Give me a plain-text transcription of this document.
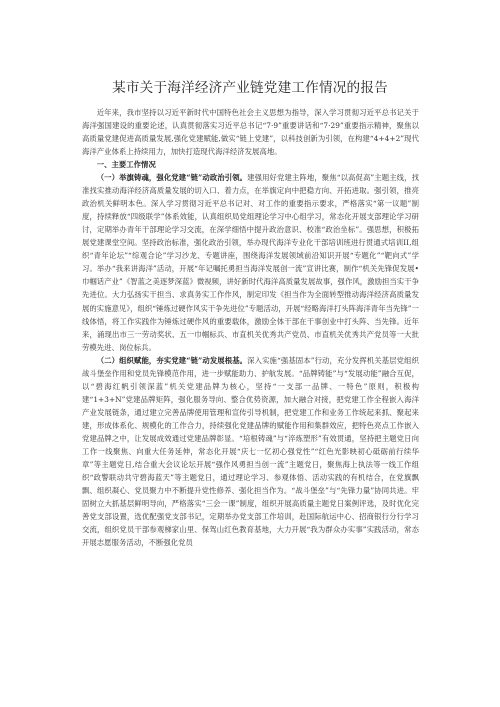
某市关于海洋经济产业链党建工作情况的报告

近年来，我市坚持以习近平新时代中国特色社会主义思想为指导，深入学习贯彻习近平总书记关于海洋强国建设的重要论述，认真贯彻落实习近平总书记“7·9”重要讲话和“7·29”重要指示精神，聚焦以高质量党建促进高质量发展,强化党建赋能,做实“链上党建”，以科技创新为引领，在构建“4+4+2”现代海洋产业体系上持续用力，加快打造现代海洋经济发展高地。

一、主要工作情况

（一）举旗铸魂，强化党建“链”动政治引领。建强用好党建主阵地，聚焦“以高促高”主题主线，找准找实推动海洋经济高质量发展的切入口、着力点，在举旗定向中把稳方向、开拓进取。强引领，推亮政治机关鲜明本色。深入学习贯彻习近平总书记对、对工作的重要指示要求，严格落实“第一议题”制度，持续释放“四级联学”体系效能，认真组织局党组理论学习中心组学习，常态化开展支部理论学习研讨，定期举办青年干部理论学习交流，在深学细悟中提升政治意识、校准“政治坐标”。强思想，积极拓展党建课堂空间。坚持政治标准，强化政治引领，举办现代海洋专业化干部培训班进行贯通式培训II,组织“青年论坛”“综观合论”学习沙龙、专题讲座，围绕海洋发展领域前沿知识开展“专题化”“靶向式”学习。举办“我来讲海洋”活动，开展“年记嘱托勇担当海洋发展创一流”宣讲比赛，制作“机关先锋促发展•巾帼话产业”《智蓝之美逐梦深蓝》微视频，讲好新时代海洋高质量发展故事，强作风，激励担当实干争先进位。大力弘扬实干担当、求真务实工作作风，制定印发《担当作为全面转型推动海洋经济高质量发展的实施意见》，组织“锤炼过硬作风实干争先进位”专题活动，开展“经略海洋打头阵海洋青年当先锋”一线体悟，将工作实践作为锤炼过硬作风的重要载体，激励全体干部在干事创业中打头阵、当先锋。近年来，涌现出市三一劳动奖状、五一巾帼标兵、市直机关优秀共产党员、市直机关优秀共产党员等一大批劳模先进、岗位标兵。

（二）组织赋能，夯实党建“链”动发展根基。深入实施“强基固本”行动，充分发挥机关基层党组织战斗堡垒作用和党员先锋模范作用，进一步赋能助力、护航发展。“品牌铸能”与“发展动能”融合互促，以“碧海红帆引领深蓝”机关党建品牌为核心，坚持“一支部一品牌、一特色”原则，积极构建“1+3+N”党建品牌矩阵，强化服务导向、整合优势资源，加大融合对接，把党建工作全程嵌入海洋产业发展链条，通过建立完善品牌使用管理和宣传引导机制，把党建工作和业务工作统起来抓、聚起来建，形成体系化、规模化的工作合力，持续强化党建品牌的赋能作用和集群效应，把特色亮点工作嵌入党建品牌之中，让发展成效通过党建品牌彰显。“培根铸魂”与“淬炼塑形”有效贯通，坚持把主题党日向工作一线聚焦、向重大任务延伸，常态化开展“庆七一忆初心强党性”“红色光影映初心砥砺前行续华章”等主题党日,结合重大会议论坛开展“强作风勇担当创一流”主题党日，聚焦海上执法等一线工作组织“政警联动共守碧海蓝天”等主题党日，通过理论学习、参观体悟、活动实践的有机结合，在党旗飘飘、组织凝心、党员聚力中不断提升党性修养、强化担当作为。“战斗堡垒”与“先锋力量”协同共进。牢固树立大抓基层鲜明导向，严格落实“三会一课”制度，组织开展高质量主题党日案例评选，及时优化完善党支部设置，选优配强党支部书记，定期举办党支部工作培训，赴国际航运中心、招商银行分行学习交流，组织党员干部参观梯家山里、保驾山红色教育基地，大力开展“我为群众办实事”实践活动，常态开展志愿服务活动，不断强化党员
